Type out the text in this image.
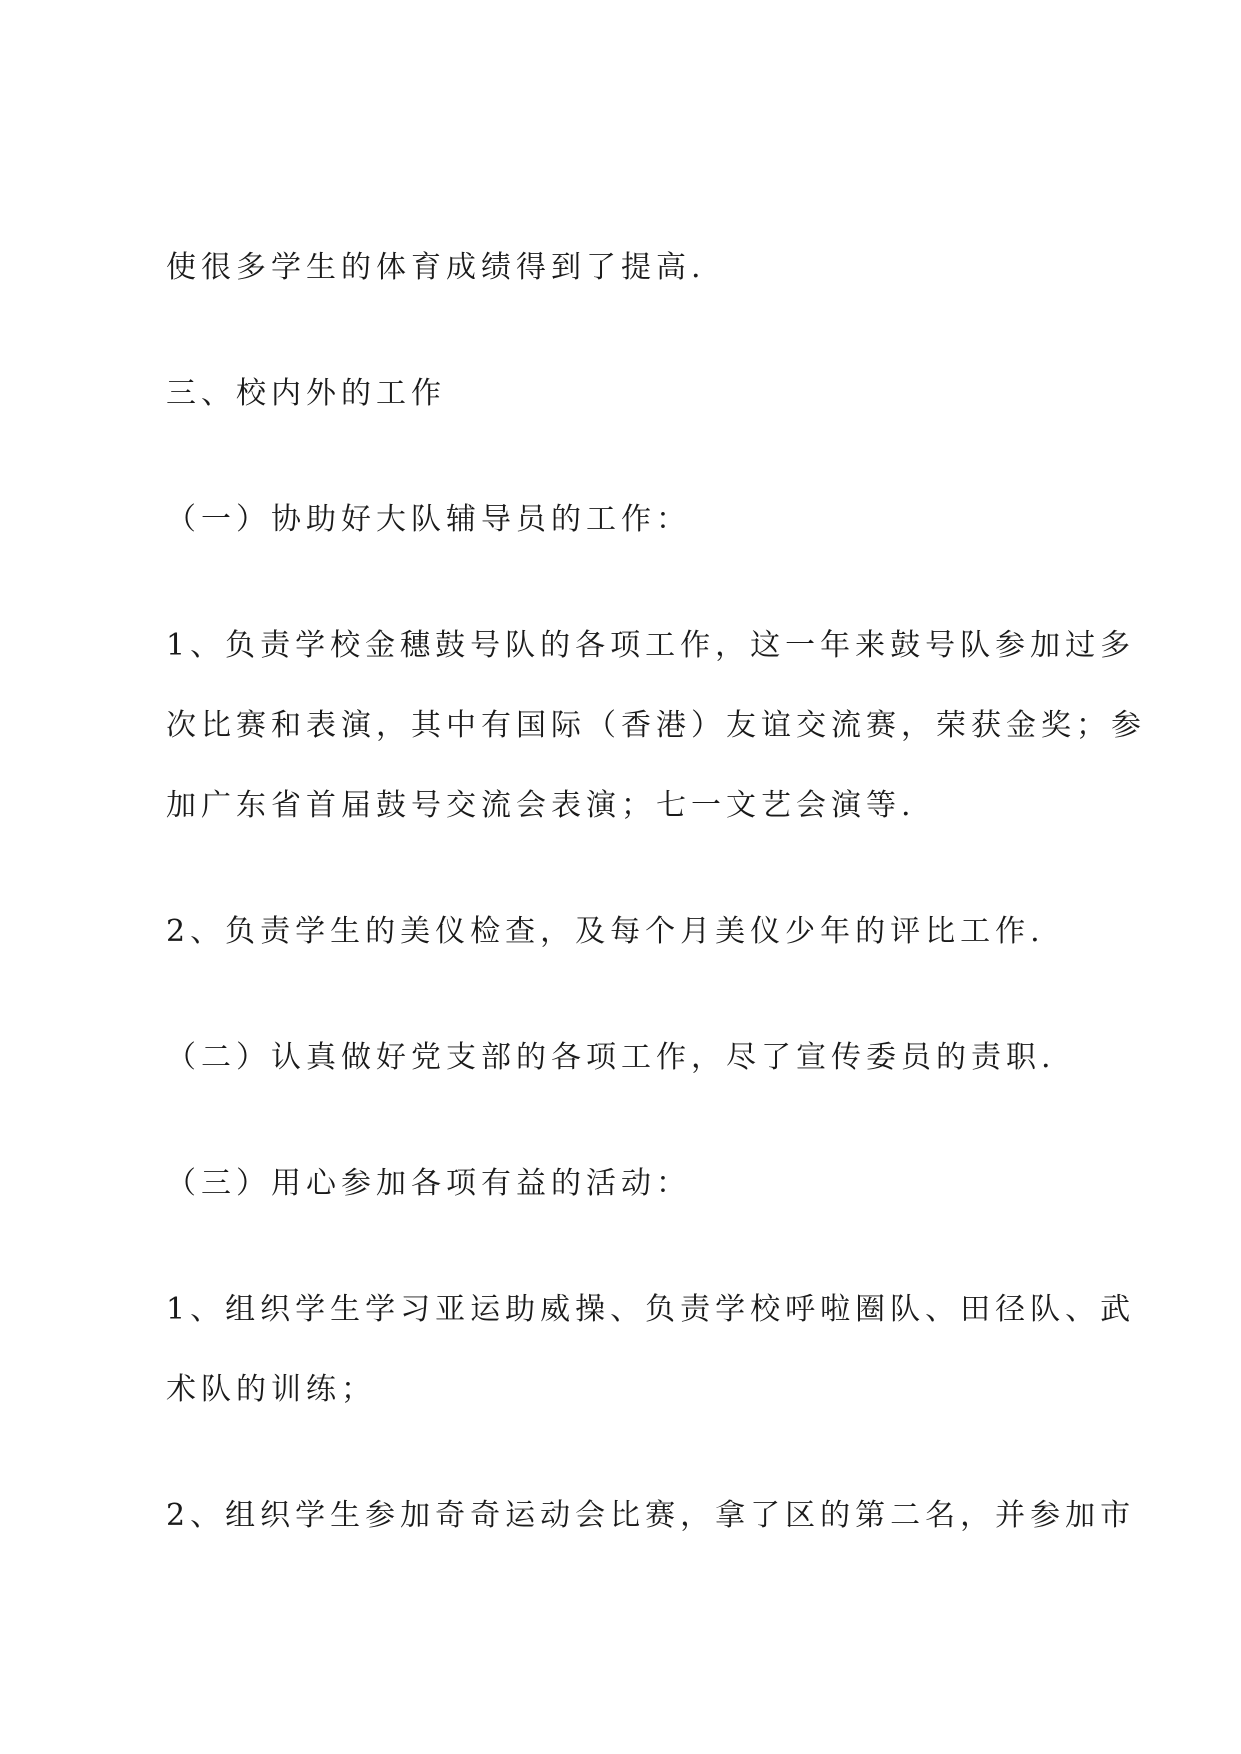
使很多学生的体育成绩得到了提高.

三、校内外的工作

（一）协助好大队辅导员的工作：

1、负责学校金穗鼓号队的各项工作，这一年来鼓号队参加过多
次比赛和表演，其中有国际（香港）友谊交流赛，荣获金奖；参
加广东省首届鼓号交流会表演；七一文艺会演等.

2、负责学生的美仪检查，及每个月美仪少年的评比工作.

（二）认真做好党支部的各项工作，尽了宣传委员的责职.

（三）用心参加各项有益的活动：

1、组织学生学习亚运助威操、负责学校呼啦圈队、田径队、武
术队的训练；

2、组织学生参加奇奇运动会比赛，拿了区的第二名，并参加市
